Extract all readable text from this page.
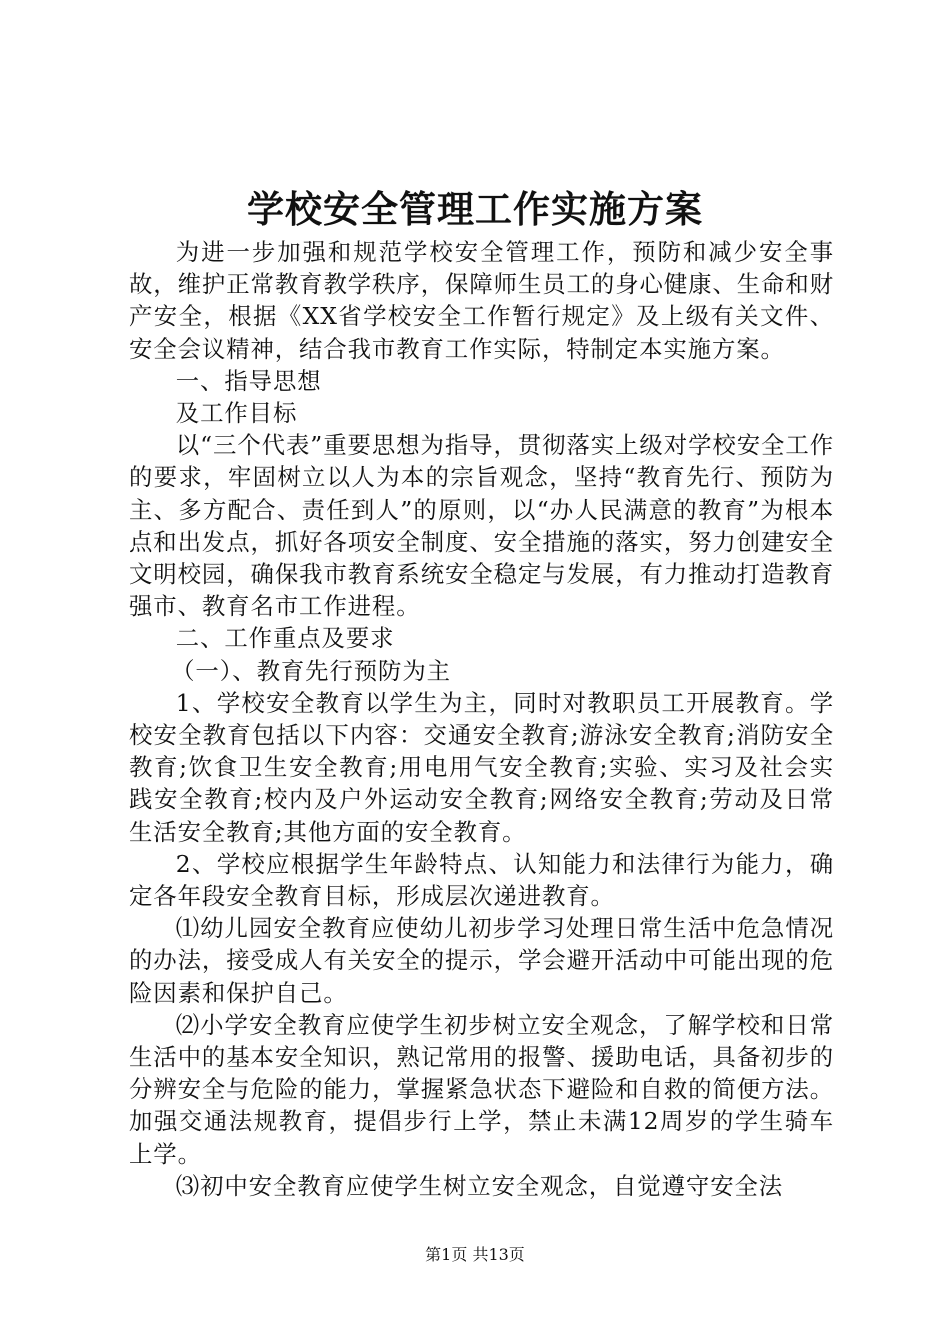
学校安全管理工作实施方案

为进一步加强和规范学校安全管理工作，预防和减少安全事故，维护正常教育教学秩序，保障师生员工的身心健康、生命和财产安全，根据《XX省学校安全工作暂行规定》及上级有关文件、安全会议精神，结合我市教育工作实际，特制定本实施方案。

一、指导思想

及工作目标

以“三个代表”重要思想为指导，贯彻落实上级对学校安全工作的要求，牢固树立以人为本的宗旨观念，坚持“教育先行、预防为主、多方配合、责任到人”的原则，以“办人民满意的教育”为根本点和出发点，抓好各项安全制度、安全措施的落实，努力创建安全文明校园，确保我市教育系统安全稳定与发展，有力推动打造教育强市、教育名市工作进程。

二、工作重点及要求

（一）、教育先行预防为主

1、学校安全教育以学生为主，同时对教职员工开展教育。学校安全教育包括以下内容：交通安全教育;游泳安全教育;消防安全教育;饮食卫生安全教育;用电用气安全教育;实验、实习及社会实践安全教育;校内及户外运动安全教育;网络安全教育;劳动及日常生活安全教育;其他方面的安全教育。

2、学校应根据学生年龄特点、认知能力和法律行为能力，确定各年段安全教育目标，形成层次递进教育。

⑴幼儿园安全教育应使幼儿初步学习处理日常生活中危急情况的办法，接受成人有关安全的提示，学会避开活动中可能出现的危险因素和保护自己。

⑵小学安全教育应使学生初步树立安全观念，了解学校和日常生活中的基本安全知识，熟记常用的报警、援助电话，具备初步的分辨安全与危险的能力，掌握紧急状态下避险和自救的简便方法。加强交通法规教育，提倡步行上学，禁止未满12周岁的学生骑车上学。

⑶初中安全教育应使学生树立安全观念，自觉遵守安全法

第1页 共13页
